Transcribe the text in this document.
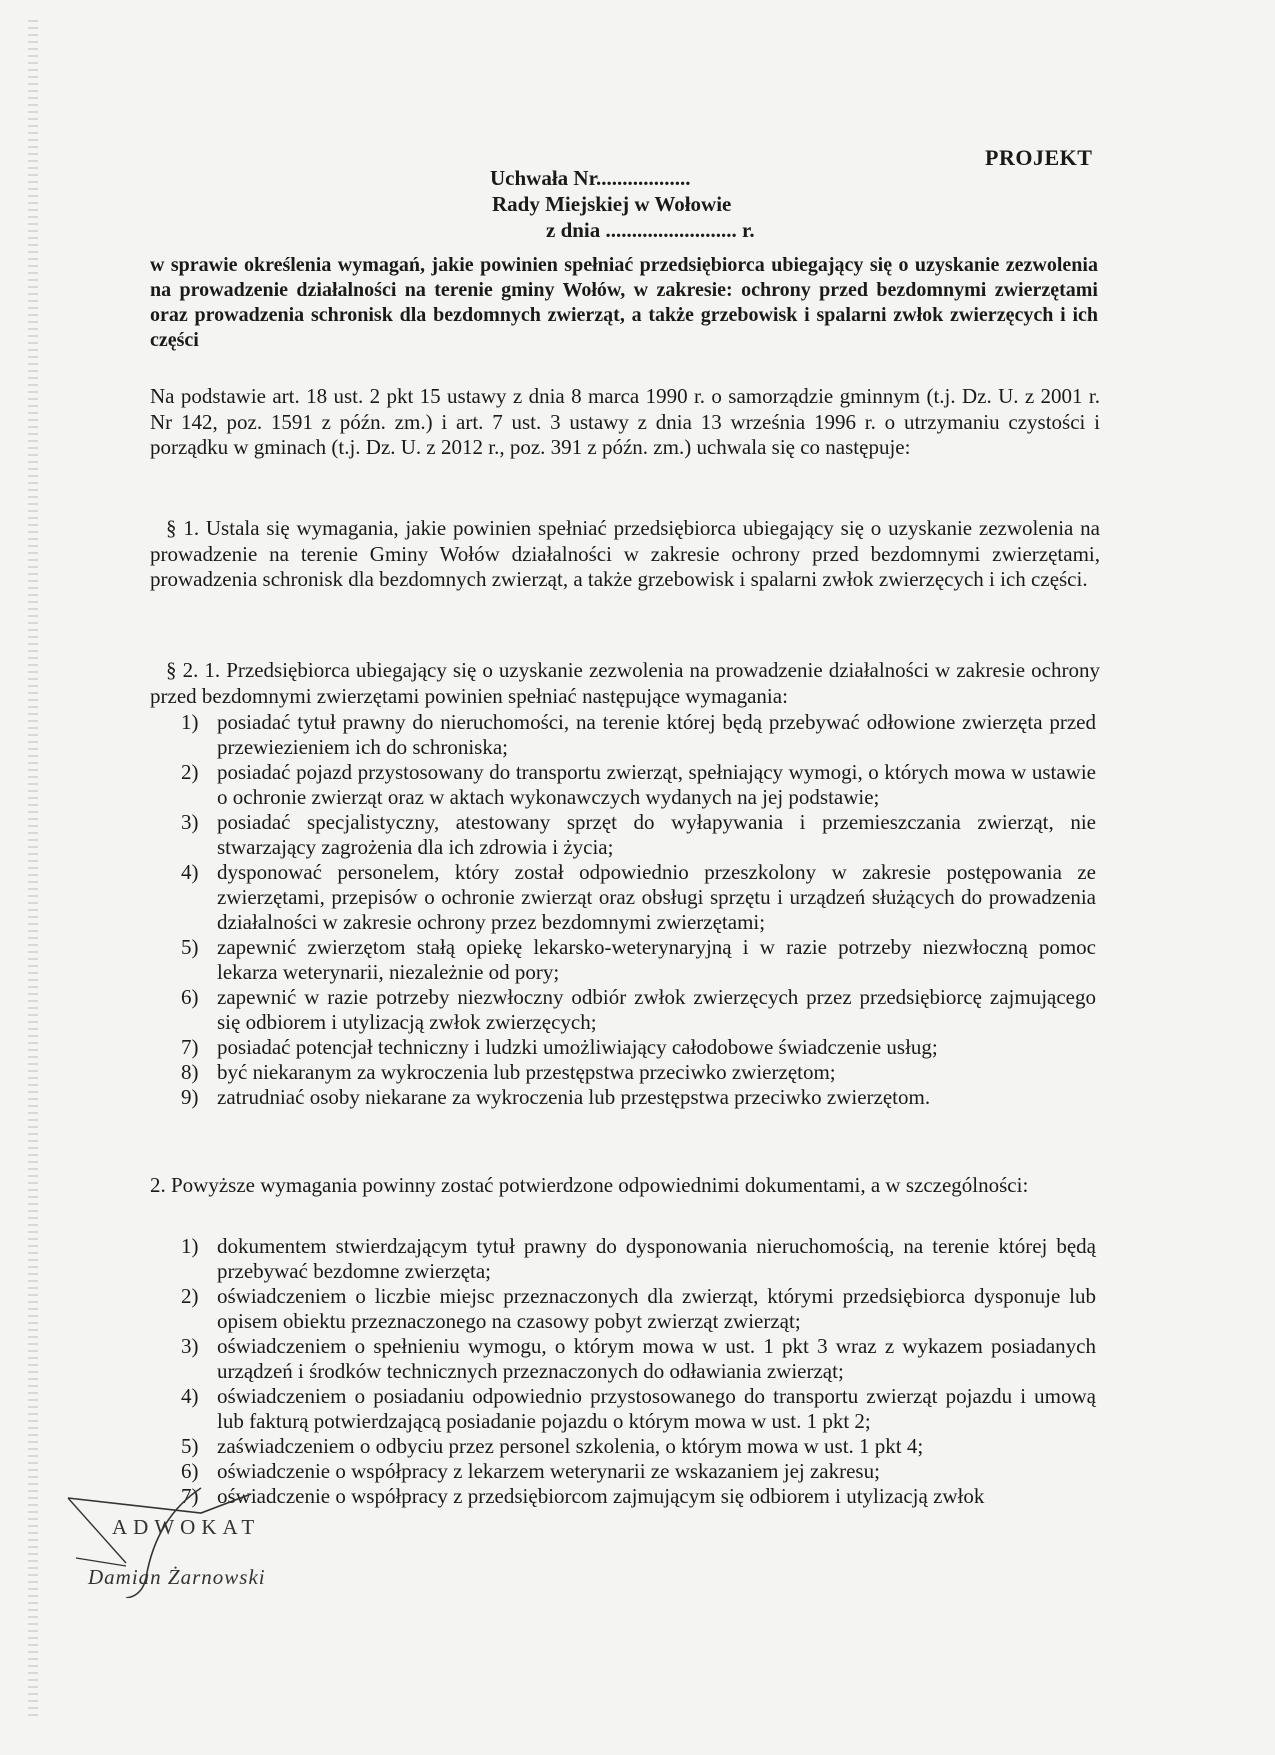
PROJEKT
Uchwała Nr..................
Rady Miejskiej w Wołowie
z dnia ......................... r.
w sprawie określenia wymagań, jakie powinien spełniać przedsiębiorca ubiegający się o uzyskanie zezwolenia na prowadzenie działalności na terenie gminy Wołów, w zakresie: ochrony przed bezdomnymi zwierzętami oraz prowadzenia schronisk dla bezdomnych zwierząt, a także grzebowisk i spalarni zwłok zwierzęcych i ich części
Na podstawie art. 18 ust. 2 pkt 15 ustawy z dnia 8 marca 1990 r. o samorządzie gminnym (t.j. Dz. U. z 2001 r. Nr 142, poz. 1591 z późn. zm.) i art. 7 ust. 3 ustawy z dnia 13 września 1996 r. o utrzymaniu czystości i porządku w gminach (t.j. Dz. U. z 2012 r., poz. 391 z późn. zm.) uchwala się co następuje:
§ 1. Ustala się wymagania, jakie powinien spełniać przedsiębiorca ubiegający się o uzyskanie zezwolenia na prowadzenie na terenie Gminy Wołów działalności w zakresie ochrony przed bezdomnymi zwierzętami, prowadzenia schronisk dla bezdomnych zwierząt, a także grzebowisk i spalarni zwłok zwierzęcych i ich części.
§ 2. 1. Przedsiębiorca ubiegający się o uzyskanie zezwolenia na prowadzenie działalności w zakresie ochrony przed bezdomnymi zwierzętami powinien spełniać następujące wymagania:
1) posiadać tytuł prawny do nieruchomości, na terenie której będą przebywać odłowione zwierzęta przed przewiezieniem ich do schroniska;
2) posiadać pojazd przystosowany do transportu zwierząt, spełniający wymogi, o których mowa w ustawie o ochronie zwierząt oraz w aktach wykonawczych wydanych na jej podstawie;
3) posiadać specjalistyczny, atestowany sprzęt do wyłapywania i przemieszczania zwierząt, nie stwarzający zagrożenia dla ich zdrowia i życia;
4) dysponować personelem, który został odpowiednio przeszkolony w zakresie postępowania ze zwierzętami, przepisów o ochronie zwierząt oraz obsługi sprzętu i urządzeń służących do prowadzenia działalności w zakresie ochrony przez bezdomnymi zwierzętami;
5) zapewnić zwierzętom stałą opiekę lekarsko-weterynaryjną i w razie potrzeby niezwłoczną pomoc lekarza weterynarii, niezależnie od pory;
6) zapewnić w razie potrzeby niezwłoczny odbiór zwłok zwierzęcych przez przedsiębiorcę zajmującego się odbiorem i utylizacją zwłok zwierzęcych;
7) posiadać potencjał techniczny i ludzki umożliwiający całodobowe świadczenie usług;
8) być niekaranym za wykroczenia lub przestępstwa przeciwko zwierzętom;
9) zatrudniać osoby niekarane za wykroczenia lub przestępstwa przeciwko zwierzętom.
2. Powyższe wymagania powinny zostać potwierdzone odpowiednimi dokumentami, a w szczególności:
1) dokumentem stwierdzającym tytuł prawny do dysponowania nieruchomością, na terenie której będą przebywać bezdomne zwierzęta;
2) oświadczeniem o liczbie miejsc przeznaczonych dla zwierząt, którymi przedsiębiorca dysponuje lub opisem obiektu przeznaczonego na czasowy pobyt zwierząt zwierząt;
3) oświadczeniem o spełnieniu wymogu, o którym mowa w ust. 1 pkt 3 wraz z wykazem posiadanych urządzeń i środków technicznych przeznaczonych do odławiania zwierząt;
4) oświadczeniem o posiadaniu odpowiednio przystosowanego do transportu zwierząt pojazdu i umową lub fakturą potwierdzającą posiadanie pojazdu o którym mowa w ust. 1 pkt 2;
5) zaświadczeniem o odbyciu przez personel szkolenia, o którym mowa w ust. 1 pkt 4;
6) oświadczenie o współpracy z lekarzem weterynarii ze wskazaniem jej zakresu;
7) oświadczenie o współpracy z przedsiębiorcom zajmującym się odbiorem i utylizacją zwłok
ADWOKAT
Damian Żarnowski
